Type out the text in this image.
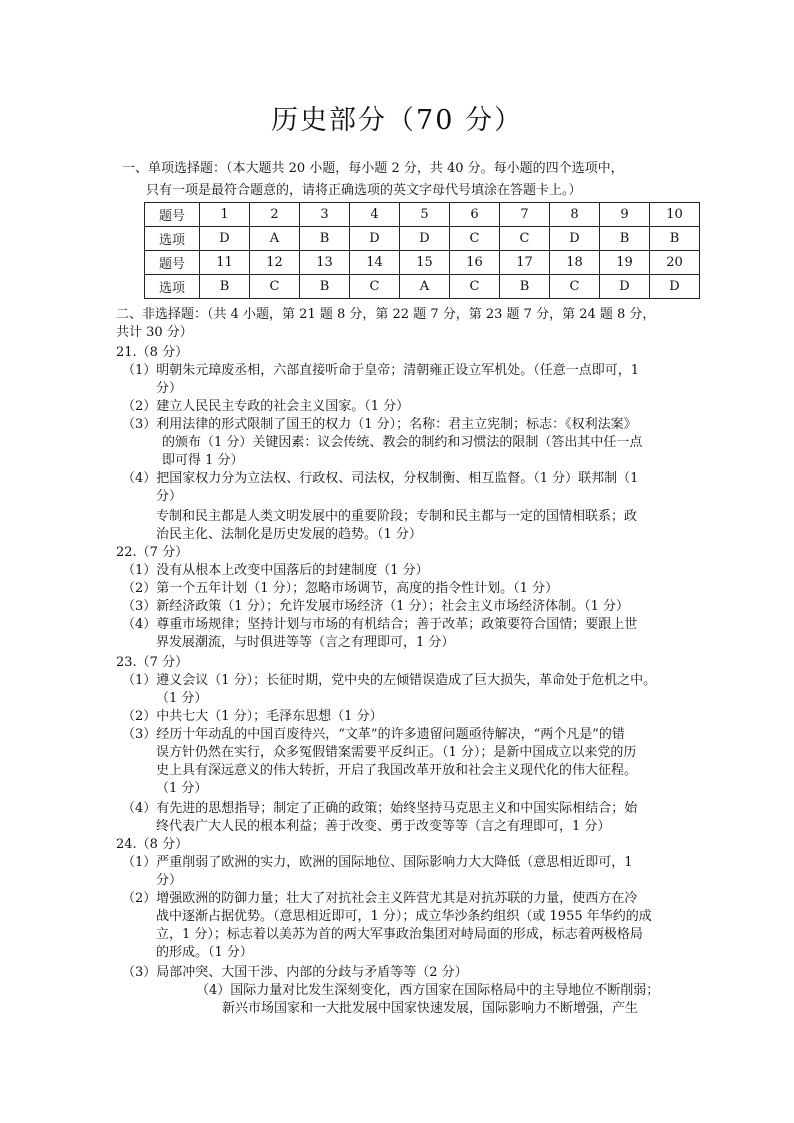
历史部分（70 分）
一、单项选择题：（本大题共 20 小题，每小题 2 分，共 40 分。每小题的四个选项中，
只有一项是最符合题意的，请将正确选项的英文字母代号填涂在答题卡上。）
题号	1	2	3	4	5	6	7	8	9	10
选项	D	A	B	D	D	C	C	D	B	B
题号	11	12	13	14	15	16	17	18	19	20
选项	B	C	B	C	A	C	B	C	D	D
二、非选择题：（共 4 小题，第 21 题 8 分，第 22 题 7 分，第 23 题 7 分，第 24 题 8 分，
共计 30 分）
21.（8 分）
（1）明朝朱元璋废丞相，六部直接听命于皇帝；清朝雍正设立军机处。（任意一点即可，1
分）
（2）建立人民民主专政的社会主义国家。（1 分）
（3）利用法律的形式限制了国王的权力（1 分）；名称：君主立宪制；标志：《权利法案》
的颁布（1 分）关键因素：议会传统、教会的制约和习惯法的限制（答出其中任一点
即可得 1 分）
（4）把国家权力分为立法权、行政权、司法权，分权制衡、相互监督。（1 分）联邦制（1
分）
专制和民主都是人类文明发展中的重要阶段；专制和民主都与一定的国情相联系；政
治民主化、法制化是历史发展的趋势。（1 分）
22.（7 分）
（1）没有从根本上改变中国落后的封建制度（1 分）
（2）第一个五年计划（1 分）；忽略市场调节，高度的指令性计划。（1 分）
（3）新经济政策（1 分）；允许发展市场经济（1 分）；社会主义市场经济体制。（1 分）
（4）尊重市场规律；坚持计划与市场的有机结合；善于改革；政策要符合国情；要跟上世
界发展潮流，与时俱进等等（言之有理即可，1 分）
23.（7 分）
（1）遵义会议（1 分）；长征时期，党中央的左倾错误造成了巨大损失，革命处于危机之中。
（1 分）
（2）中共七大（1 分）；毛泽东思想（1 分）
（3）经历十年动乱的中国百废待兴，“文革”的许多遗留问题亟待解决，“两个凡是”的错
误方针仍然在实行，众多冤假错案需要平反纠正。（1 分）；是新中国成立以来党的历
史上具有深远意义的伟大转折，开启了我国改革开放和社会主义现代化的伟大征程。
（1 分）
（4）有先进的思想指导；制定了正确的政策；始终坚持马克思主义和中国实际相结合；始
终代表广大人民的根本利益；善于改变、勇于改变等等（言之有理即可，1 分）
24.（8 分）
（1）严重削弱了欧洲的实力，欧洲的国际地位、国际影响力大大降低（意思相近即可，1
分）
（2）增强欧洲的防御力量；壮大了对抗社会主义阵营尤其是对抗苏联的力量，使西方在冷
战中逐渐占据优势。（意思相近即可，1 分）；成立华沙条约组织（或 1955 年华约的成
立，1 分）；标志着以美苏为首的两大军事政治集团对峙局面的形成，标志着两极格局
的形成。（1 分）
（3）局部冲突、大国干涉、内部的分歧与矛盾等等（2 分）
（4）国际力量对比发生深刻变化，西方国家在国际格局中的主导地位不断削弱；
新兴市场国家和一大批发展中国家快速发展，国际影响力不断增强，产生
